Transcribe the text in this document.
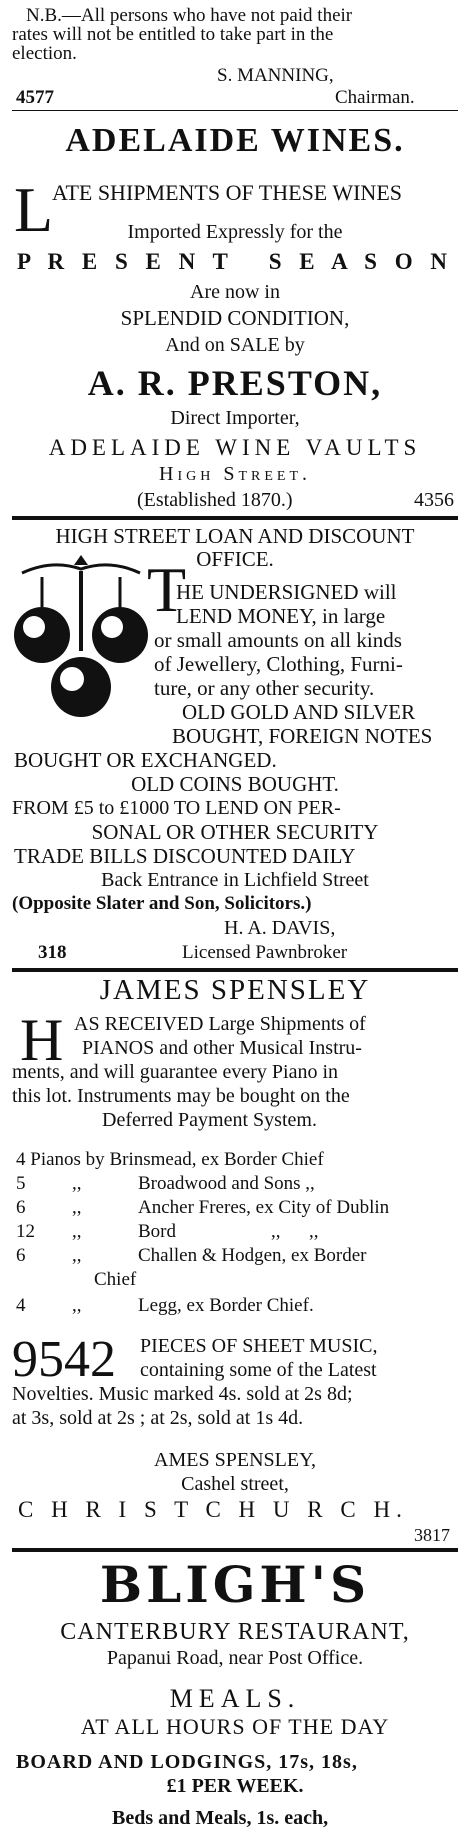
N.B.—All persons who have not paid their
rates will not be entitled to take part in the
election.
S. MANNING,
4577	Chairman.
ADELAIDE WINES.
L
ATE SHIPMENTS OF THESE WINES
Imported Expressly for the
P R E S E N T   S E A S O N
Are now in
SPLENDID CONDITION,
And on SALE by
A. R. PRESTON,
Direct Importer,
ADELAIDE WINE VAULTS
High Street.
(Established 1870.)	4356
HIGH STREET LOAN AND DISCOUNT
OFFICE.
T
HE UNDERSIGNED will
LEND MONEY, in large
or small amounts on all kinds
of Jewellery, Clothing, Furni-
ture, or any other security.
OLD GOLD AND SILVER
BOUGHT, FOREIGN NOTES
BOUGHT OR EXCHANGED.
OLD COINS BOUGHT.
FROM £5 to £1000 TO LEND ON PER-
SONAL OR OTHER SECURITY
TRADE BILLS DISCOUNTED DAILY
Back Entrance in Lichfield Street
(Opposite Slater and Son, Solicitors.)
H. A. DAVIS,
318	Licensed Pawnbroker
JAMES SPENSLEY
H AS RECEIVED Large Shipments of
PIANOS and other Musical Instru-
ments, and will guarantee every Piano in
this lot. Instruments may be bought on the
Deferred Payment System.
4 Pianos by Brinsmead, ex Border Chief
5 ,,	Broadwood and Sons ,,
6 ,,	Ancher Freres, ex City of Dublin
12 ,,	Bord                    ,,      ,,
6 ,,	Challen & Hodgen, ex Border
Chief
4 ,,	Legg, ex Border Chief.
9542 PIECES OF SHEET MUSIC,
containing some of the Latest
Novelties. Music marked 4s. sold at 2s 8d;
at 3s, sold at 2s ; at 2s, sold at 1s 4d.
AMES SPENSLEY,
Cashel street,
C H R I S T C H U R C H.
3817
BLIGH'S
CANTERBURY RESTAURANT,
Papanui Road, near Post Office.
MEALS.
AT ALL HOURS OF THE DAY
BOARD AND LODGINGS, 17s, 18s,
£1 PER WEEK.
Beds and Meals, 1s. each,
